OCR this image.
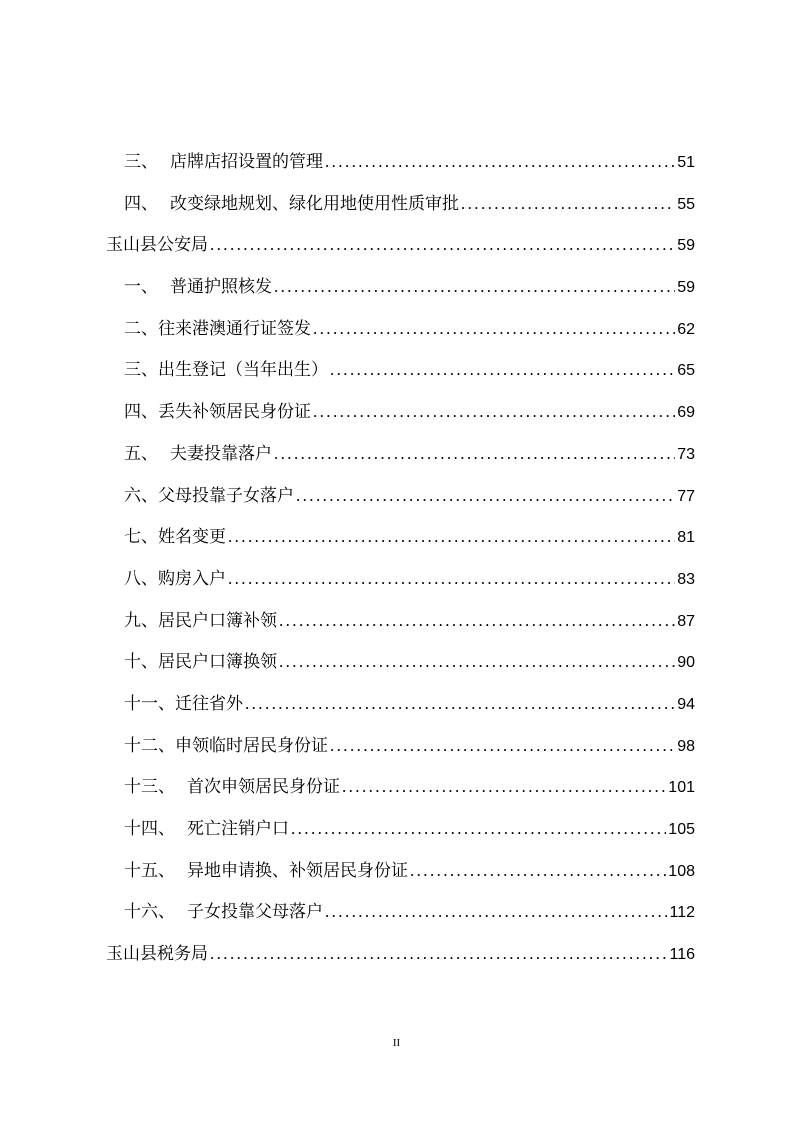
三、 店牌店招设置的管理 .....	51
四、 改变绿地规划、绿化用地使用性质审批 .....	55
玉山县公安局 .....	59
一、 普通护照核发 .....	59
二、往来港澳通行证签发 .....	62
三、出生登记（当年出生） .....	65
四、丢失补领居民身份证 .....	69
五、 夫妻投靠落户 .....	73
六、父母投靠子女落户 .....	77
七、姓名变更 .....	81
八、购房入户 .....	83
九、居民户口簿补领 .....	87
十、居民户口簿换领 .....	90
十一、迁往省外 .....	94
十二、申领临时居民身份证 .....	98
十三、 首次申领居民身份证 .....	101
十四、 死亡注销户口 .....	105
十五、 异地申请换、补领居民身份证 .....	108
十六、 子女投靠父母落户 .....	112
玉山县税务局 .....	116
II
